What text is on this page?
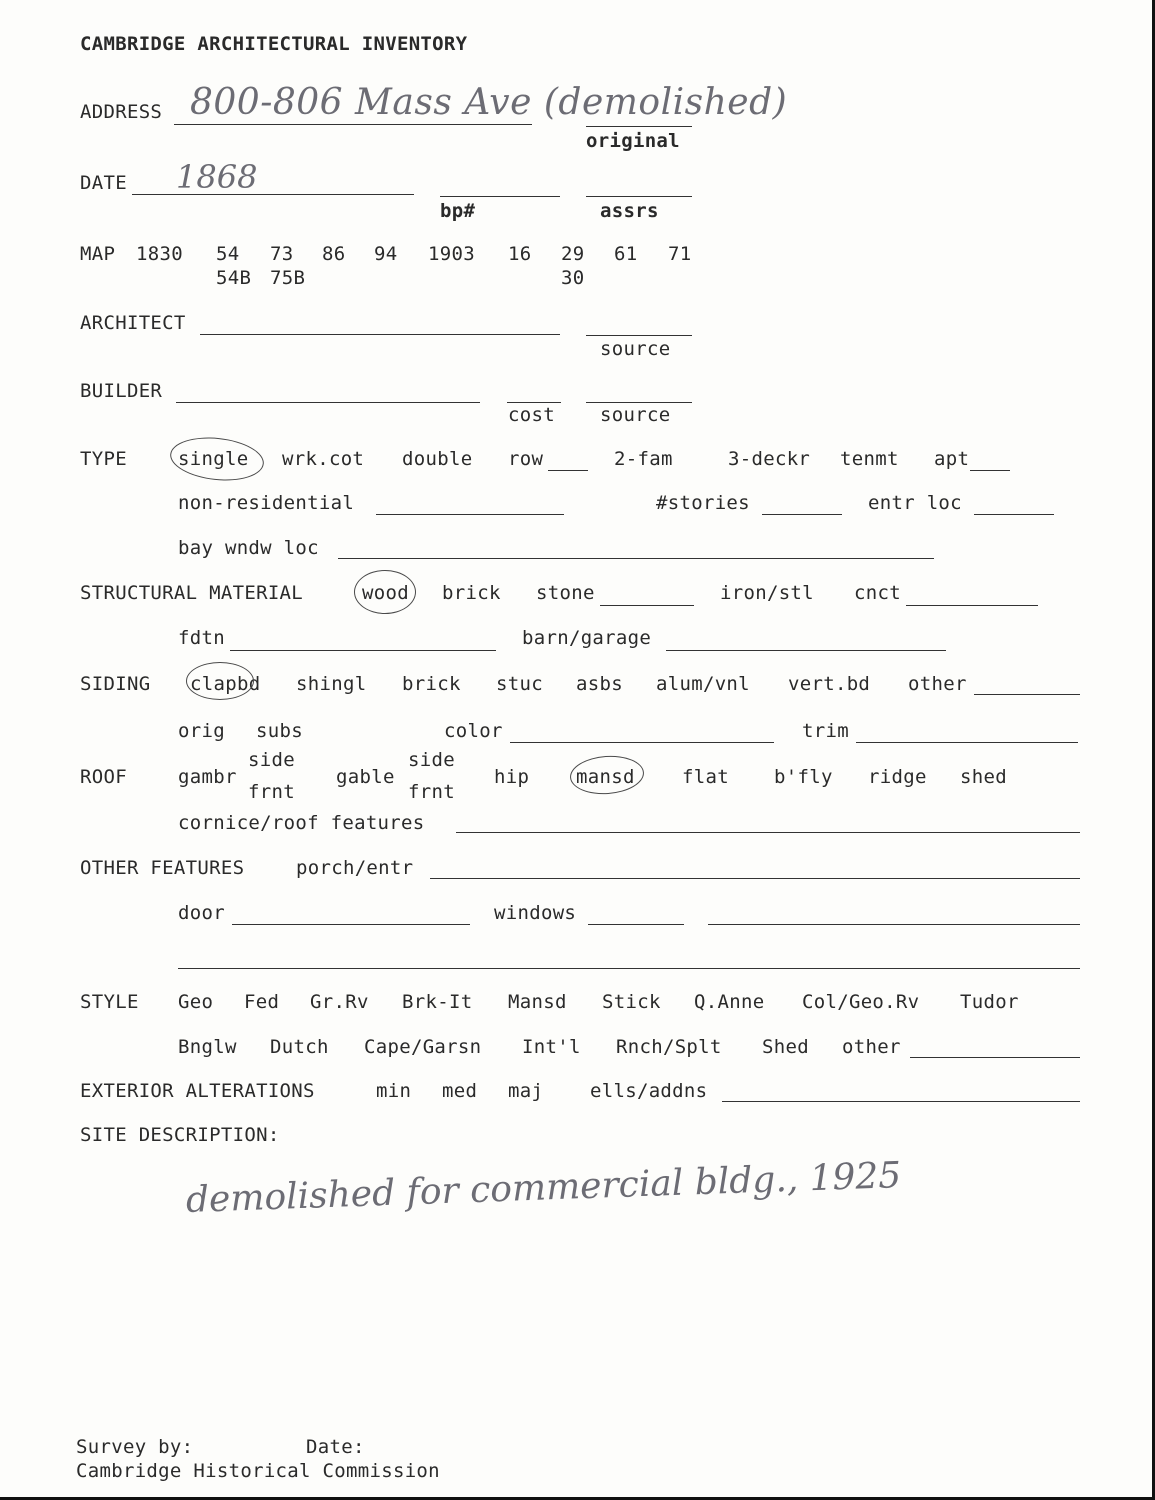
CAMBRIDGE ARCHITECTURAL INVENTORY
ADDRESS 800-806 Mass Ave (demolished)
original
DATE 1868
bp#	assrs
MAP 1830 54 73 86 94 1903 16 29 61 71
54B 75B	30
ARCHITECT
source
BUILDER
cost source
TYPE	single wrk.cot double row	2-fam	3-deckr tenmt apt
non-residential	#stories	entr loc
bay wndw loc
STRUCTURAL MATERIAL	wood brick stone	iron/stl cnct
fdtn	barn/garage
SIDING clapbd shingl brick stuc asbs alum/vnl vert.bd other
orig subs	color	trim
ROOF	gambr
side
frnt
gable
side
frnt
hip mansd flat b'fly ridge shed
cornice/roof features
OTHER FEATURES	porch/entr
door	windows
STYLE Geo Fed Gr.Rv Brk-It Mansd Stick Q.Anne Col/Geo.Rv Tudor
Bnglw Dutch Cape/Garsn Int'l Rnch/Splt Shed other
EXTERIOR ALTERATIONS	min med maj ells/addns
SITE DESCRIPTION:
demolished for commercial bldg., 1925
Survey by:	Date:
Cambridge Historical Commission
